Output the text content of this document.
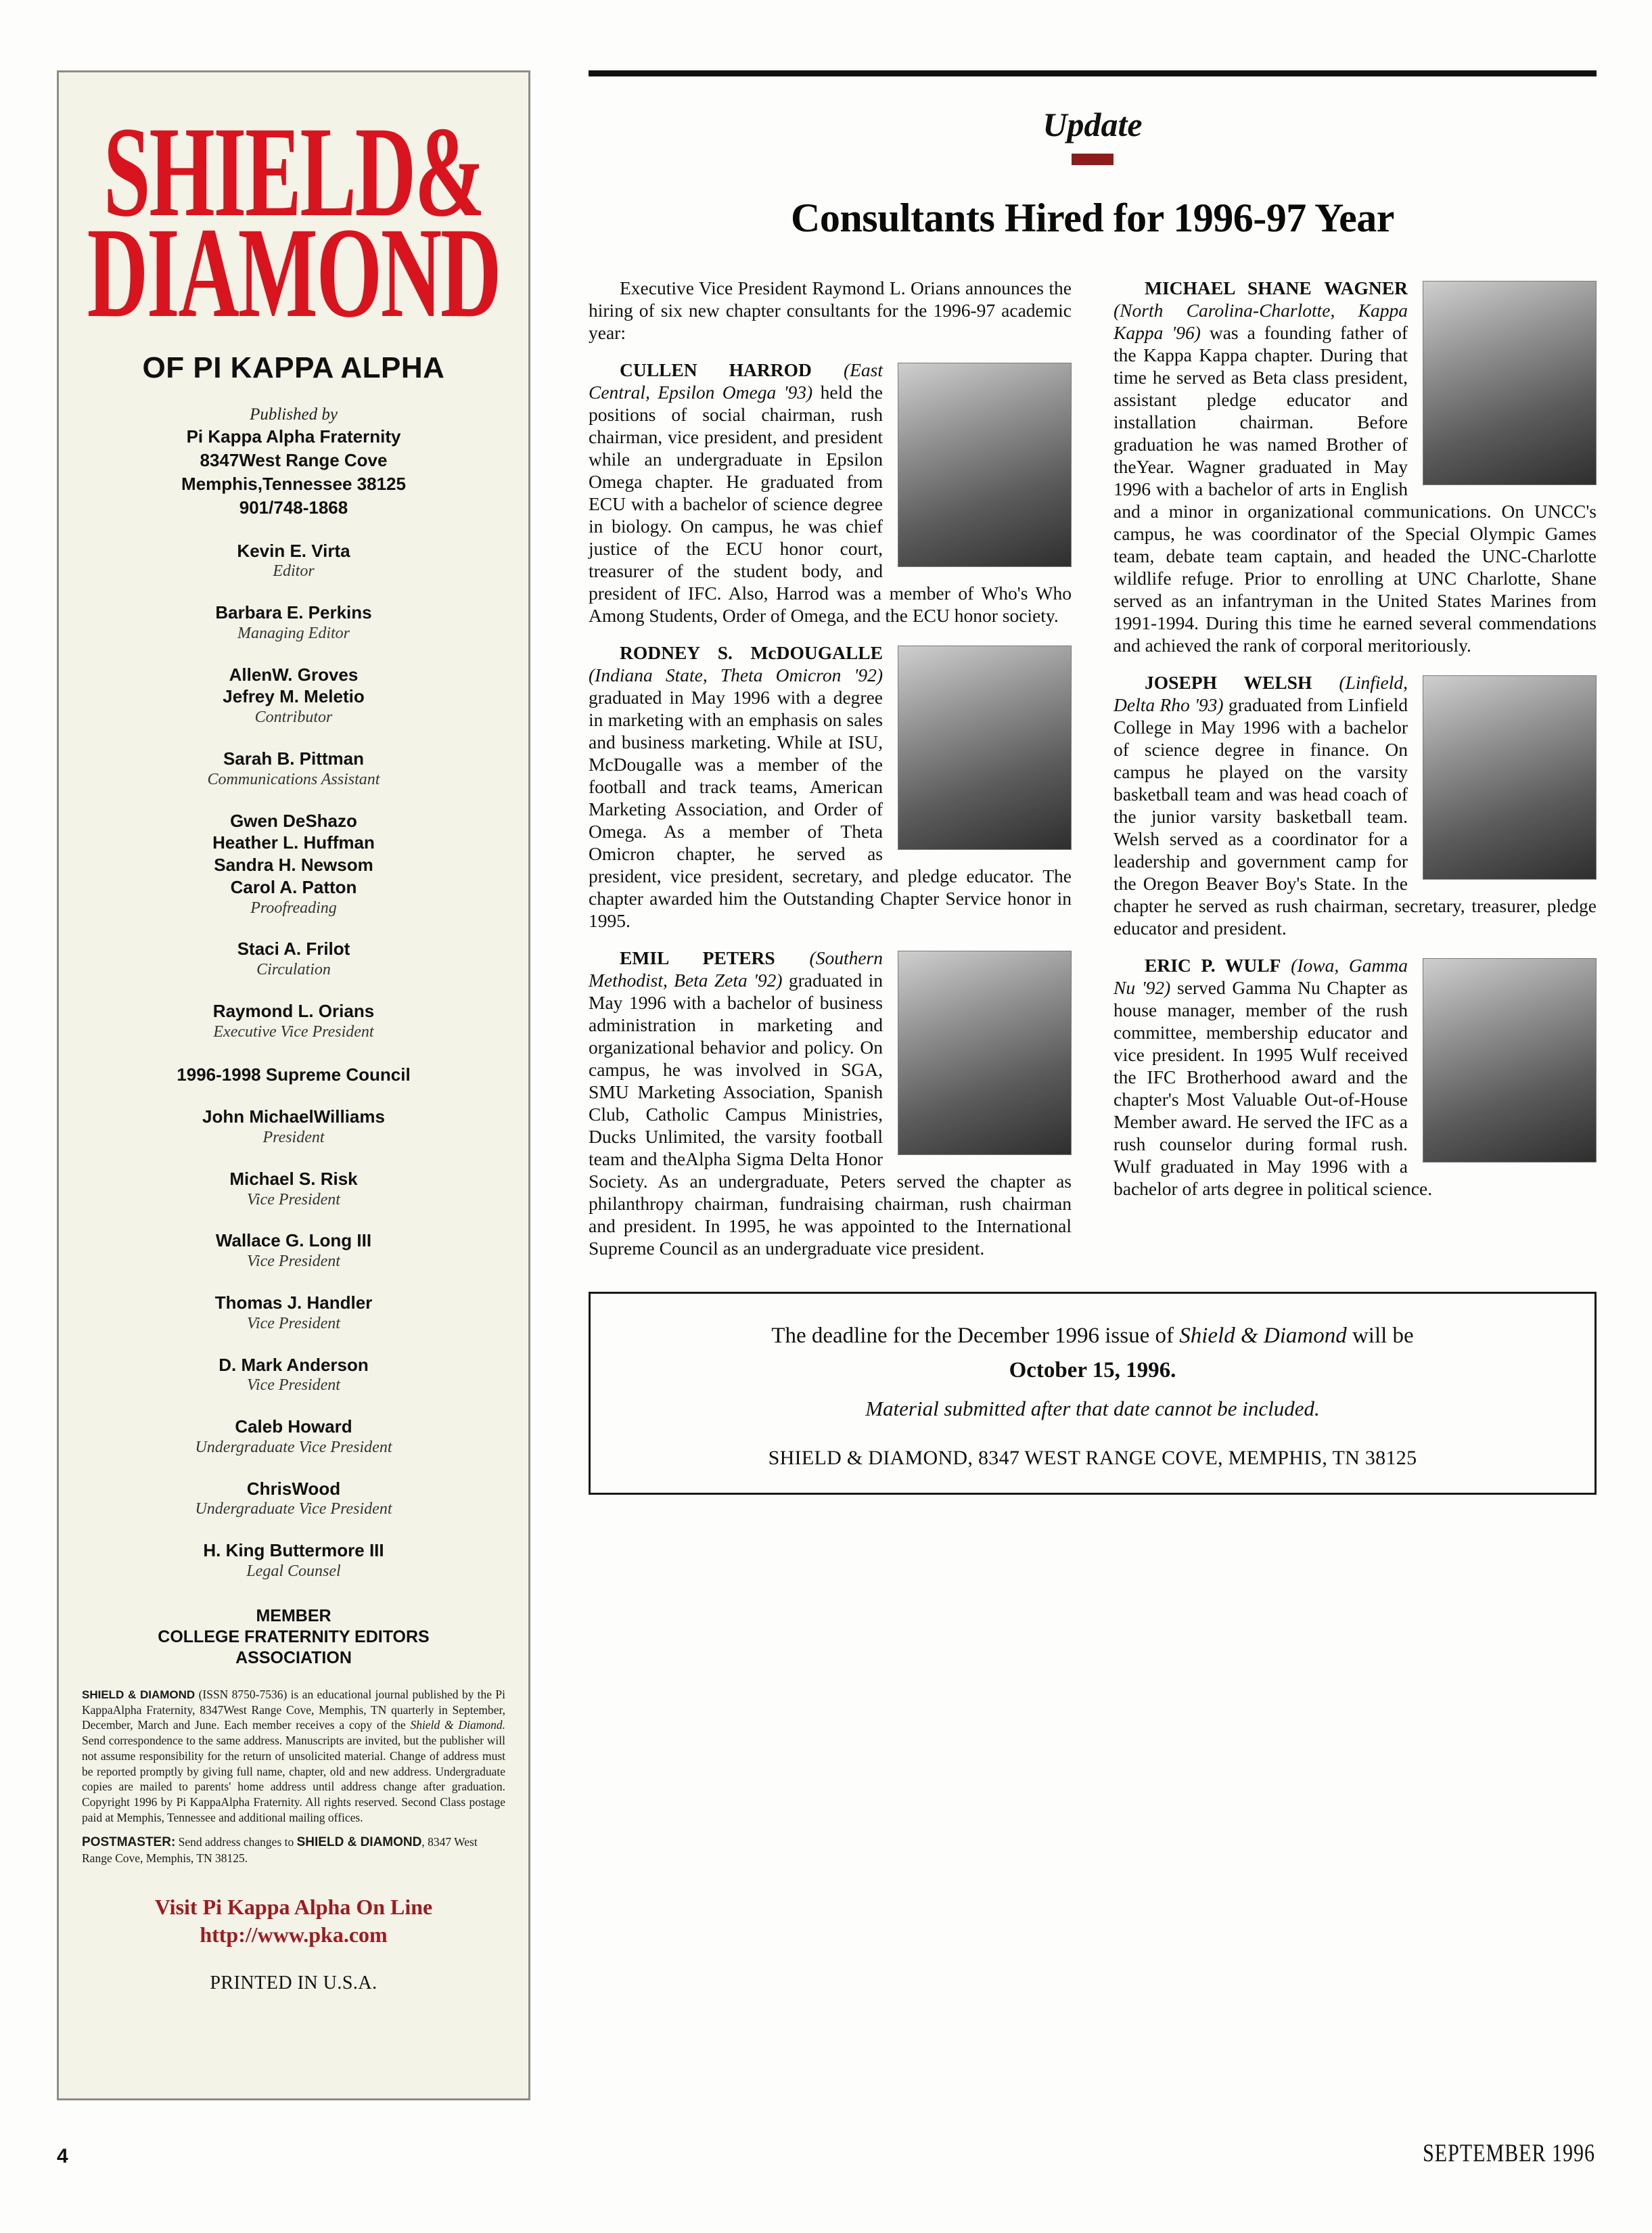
SHIELD&
DIAMOND
OF PI KAPPA ALPHA
Published by
Pi Kappa Alpha Fraternity
8347West Range Cove
Memphis,Tennessee 38125
901/748-1868
Kevin E. Virta
Editor
Barbara E. Perkins
Managing Editor
AllenW. Groves
Jefrey M. Meletio
Contributor
Sarah B. Pittman
Communications Assistant
Gwen DeShazo
Heather L. Huffman
Sandra H. Newsom
Carol A. Patton
Proofreading
Staci A. Frilot
Circulation
Raymond L. Orians
Executive Vice President
1996-1998 Supreme Council
John MichaelWilliams
President
Michael S. Risk
Vice President
Wallace G. Long III
Vice President
Thomas J. Handler
Vice President
D. Mark Anderson
Vice President
Caleb Howard
Undergraduate Vice President
ChrisWood
Undergraduate Vice President
H. King Buttermore III
Legal Counsel
MEMBER
COLLEGE FRATERNITY EDITORS
ASSOCIATION
SHIELD & DIAMOND (ISSN 8750-7536) is an educational journal published by the Pi KappaAlpha Fraternity, 8347West Range Cove, Memphis, TN quarterly in September, December, March and June. Each member receives a copy of the Shield & Diamond. Send correspondence to the same address. Manuscripts are invited, but the publisher will not assume responsibility for the return of unsolicited material. Change of address must be reported promptly by giving full name, chapter, old and new address. Undergraduate copies are mailed to parents' home address until address change after graduation. Copyright 1996 by Pi KappaAlpha Fraternity. All rights reserved. Second Class postage paid at Memphis, Tennessee and additional mailing offices.
POSTMASTER: Send address changes to SHIELD & DIAMOND, 8347 West Range Cove, Memphis, TN 38125.
Visit Pi Kappa Alpha On Line
http://www.pka.com
PRINTED IN U.S.A.
Update
Consultants Hired for 1996-97 Year

Executive Vice President Raymond L. Orians announces the hiring of six new chapter consultants for the 1996-97 academic year:

CULLEN HARROD (East Central, Epsilon Omega '93) held the positions of social chairman, rush chairman, vice president, and president while an undergraduate in Epsilon Omega chapter. He graduated from ECU with a bachelor of science degree in biology. On campus, he was chief justice of the ECU honor court, treasurer of the student body, and president of IFC. Also, Harrod was a member of Who's Who Among Students, Order of Omega, and the ECU honor society.

RODNEY S. McDOUGALLE (Indiana State, Theta Omicron '92) graduated in May 1996 with a degree in marketing with an emphasis on sales and business marketing. While at ISU, McDougalle was a member of the football and track teams, American Marketing Association, and Order of Omega. As a member of Theta Omicron chapter, he served as president, vice president, secretary, and pledge educator. The chapter awarded him the Outstanding Chapter Service honor in 1995.

EMIL PETERS (Southern Methodist, Beta Zeta '92) graduated in May 1996 with a bachelor of business administration in marketing and organizational behavior and policy. On campus, he was involved in SGA, SMU Marketing Association, Spanish Club, Catholic Campus Ministries, Ducks Unlimited, the varsity football team and theAlpha Sigma Delta Honor Society. As an undergraduate, Peters served the chapter as philanthropy chairman, fundraising chairman, rush chairman and president. In 1995, he was appointed to the International Supreme Council as an undergraduate vice president.

MICHAEL SHANE WAGNER (North Carolina-Charlotte, Kappa Kappa '96) was a founding father of the Kappa Kappa chapter. During that time he served as Beta class president, assistant pledge educator and installation chairman. Before graduation he was named Brother of theYear. Wagner graduated in May 1996 with a bachelor of arts in English and a minor in organizational communications. On UNCC's campus, he was coordinator of the Special Olympic Games team, debate team captain, and headed the UNC-Charlotte wildlife refuge. Prior to enrolling at UNC Charlotte, Shane served as an infantryman in the United States Marines from 1991-1994. During this time he earned several commendations and achieved the rank of corporal meritoriously.

JOSEPH WELSH (Linfield, Delta Rho '93) graduated from Linfield College in May 1996 with a bachelor of science degree in finance. On campus he played on the varsity basketball team and was head coach of the junior varsity basketball team. Welsh served as a coordinator for a leadership and government camp for the Oregon Beaver Boy's State. In the chapter he served as rush chairman, secretary, treasurer, pledge educator and president.

ERIC P. WULF (Iowa, Gamma Nu '92) served Gamma Nu Chapter as house manager, member of the rush committee, membership educator and vice president. In 1995 Wulf received the IFC Brotherhood award and the chapter's Most Valuable Out-of-House Member award. He served the IFC as a rush counselor during formal rush. Wulf graduated in May 1996 with a bachelor of arts degree in political science.

The deadline for the December 1996 issue of Shield & Diamond will be
October 15, 1996.
Material submitted after that date cannot be included.
SHIELD & DIAMOND, 8347 WEST RANGE COVE, MEMPHIS, TN 38125
4	SEPTEMBER 1996
